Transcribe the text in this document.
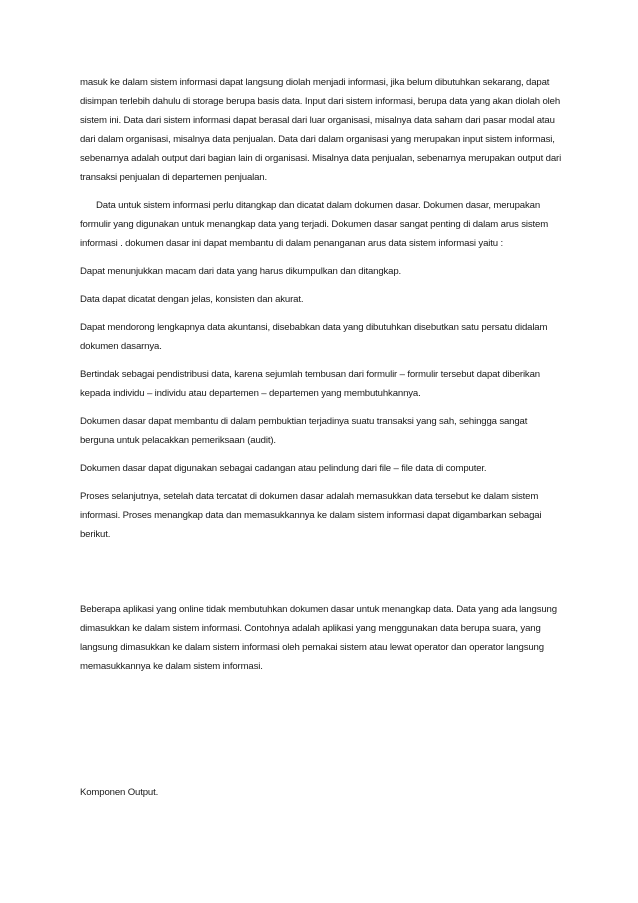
masuk ke dalam sistem informasi dapat langsung diolah menjadi informasi, jika belum dibutuhkan sekarang, dapat disimpan terlebih dahulu di storage berupa basis data. Input dari sistem informasi, berupa data yang akan diolah oleh sistem ini. Data dari sistem informasi dapat berasal dari luar organisasi, misalnya data saham dari pasar modal atau dari dalam organisasi, misalnya data penjualan. Data dari dalam organisasi yang merupakan input sistem informasi, sebenarnya adalah output dari bagian lain di organisasi. Misalnya data penjualan, sebenarnya merupakan output dari transaksi penjualan di departemen penjualan.

Data untuk sistem informasi perlu ditangkap dan dicatat dalam dokumen dasar. Dokumen dasar, merupakan formulir yang digunakan untuk menangkap data yang terjadi. Dokumen dasar sangat penting di dalam arus sistem informasi . dokumen dasar ini dapat membantu di dalam penanganan arus data sistem informasi yaitu :

Dapat menunjukkan macam dari data yang harus dikumpulkan dan ditangkap.

Data dapat dicatat dengan jelas, konsisten dan akurat.

Dapat mendorong lengkapnya data akuntansi, disebabkan data yang dibutuhkan disebutkan satu persatu didalam dokumen dasarnya.

Bertindak sebagai pendistribusi data, karena sejumlah tembusan dari formulir – formulir tersebut dapat diberikan kepada individu – individu atau departemen – departemen yang membutuhkannya.

Dokumen dasar dapat membantu di dalam pembuktian terjadinya suatu transaksi yang sah, sehingga sangat berguna untuk pelacakkan pemeriksaan (audit).

Dokumen dasar dapat digunakan sebagai cadangan atau pelindung dari file – file data di computer.

Proses selanjutnya, setelah data tercatat di dokumen dasar adalah memasukkan data tersebut ke dalam sistem informasi. Proses menangkap data dan memasukkannya ke dalam sistem informasi dapat digambarkan sebagai berikut.

Beberapa aplikasi yang online tidak membutuhkan dokumen dasar untuk menangkap data. Data yang ada langsung dimasukkan ke dalam sistem informasi. Contohnya adalah aplikasi yang menggunakan data berupa suara, yang langsung dimasukkan ke dalam sistem informasi oleh pemakai sistem atau lewat operator dan operator langsung memasukkannya ke dalam sistem informasi.

Komponen Output.
